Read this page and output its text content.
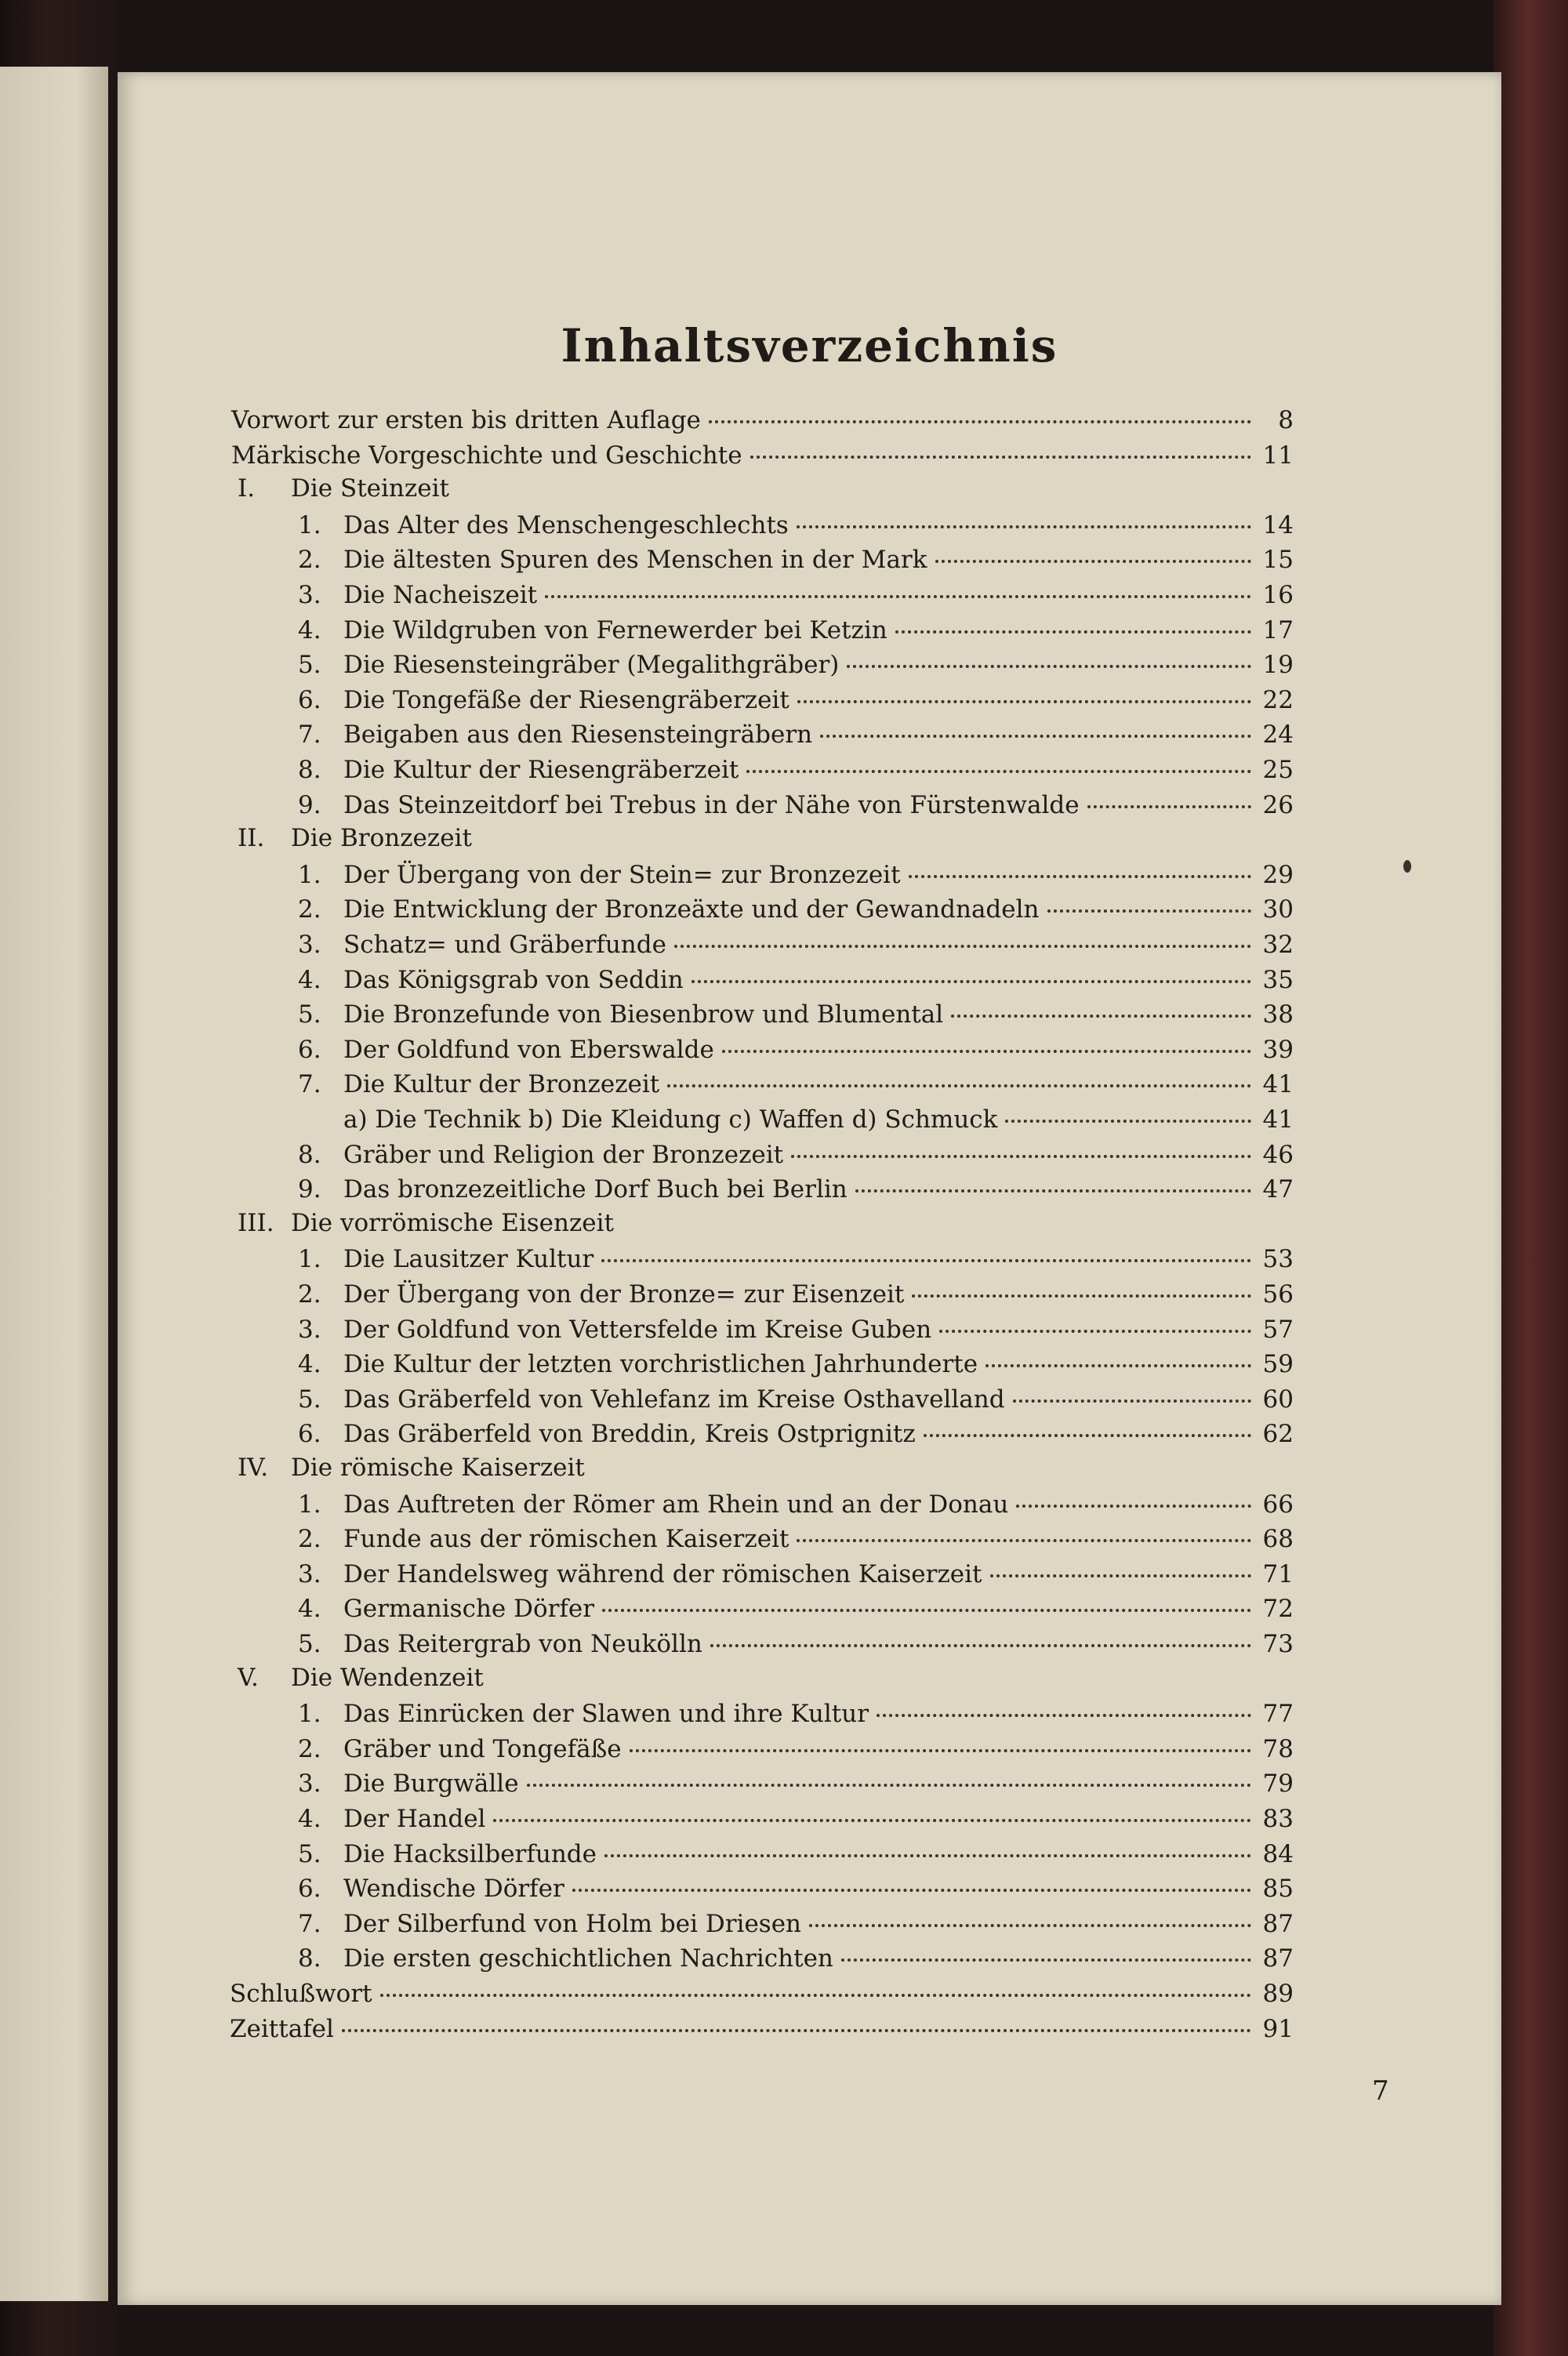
Inhaltsverzeichnis
Vorwort zur ersten bis dritten Auflage	8
Märkische Vorgeschichte und Geschichte	11
I.	Die Steinzeit
1. Das Alter des Menschengeschlechts	14
2. Die ältesten Spuren des Menschen in der Mark	15
3. Die Nacheiszeit	16
4. Die Wildgruben von Fernewerder bei Ketzin	17
5. Die Riesensteingräber (Megalithgräber)	19
6. Die Tongefäße der Riesengräberzeit	22
7. Beigaben aus den Riesensteingräbern	24
8. Die Kultur der Riesengräberzeit	25
9. Das Steinzeitdorf bei Trebus in der Nähe von Fürstenwalde	26
II.	Die Bronzezeit
1. Der Übergang von der Stein= zur Bronzezeit	29
2. Die Entwicklung der Bronzeäxte und der Gewandnadeln	30
3. Schatz= und Gräberfunde	32
4. Das Königsgrab von Seddin	35
5. Die Bronzefunde von Biesenbrow und Blumental	38
6. Der Goldfund von Eberswalde	39
7. Die Kultur der Bronzezeit	41
a) Die Technik b) Die Kleidung c) Waffen d) Schmuck	41
8. Gräber und Religion der Bronzezeit	46
9. Das bronzezeitliche Dorf Buch bei Berlin	47
III. Die vorrömische Eisenzeit
1. Die Lausitzer Kultur	53
2. Der Übergang von der Bronze= zur Eisenzeit	56
3. Der Goldfund von Vettersfelde im Kreise Guben	57
4. Die Kultur der letzten vorchristlichen Jahrhunderte	59
5. Das Gräberfeld von Vehlefanz im Kreise Osthavelland	60
6. Das Gräberfeld von Breddin, Kreis Ostprignitz	62
IV. Die römische Kaiserzeit
1. Das Auftreten der Römer am Rhein und an der Donau	66
2. Funde aus der römischen Kaiserzeit	68
3. Der Handelsweg während der römischen Kaiserzeit	71
4. Germanische Dörfer	72
5. Das Reitergrab von Neukölln	73
V.	Die Wendenzeit
1. Das Einrücken der Slawen und ihre Kultur	77
2. Gräber und Tongefäße	78
3. Die Burgwälle	79
4. Der Handel	83
5. Die Hacksilberfunde	84
6. Wendische Dörfer	85
7. Der Silberfund von Holm bei Driesen	87
8. Die ersten geschichtlichen Nachrichten	87
Schlußwort	89
Zeittafel	91
7
